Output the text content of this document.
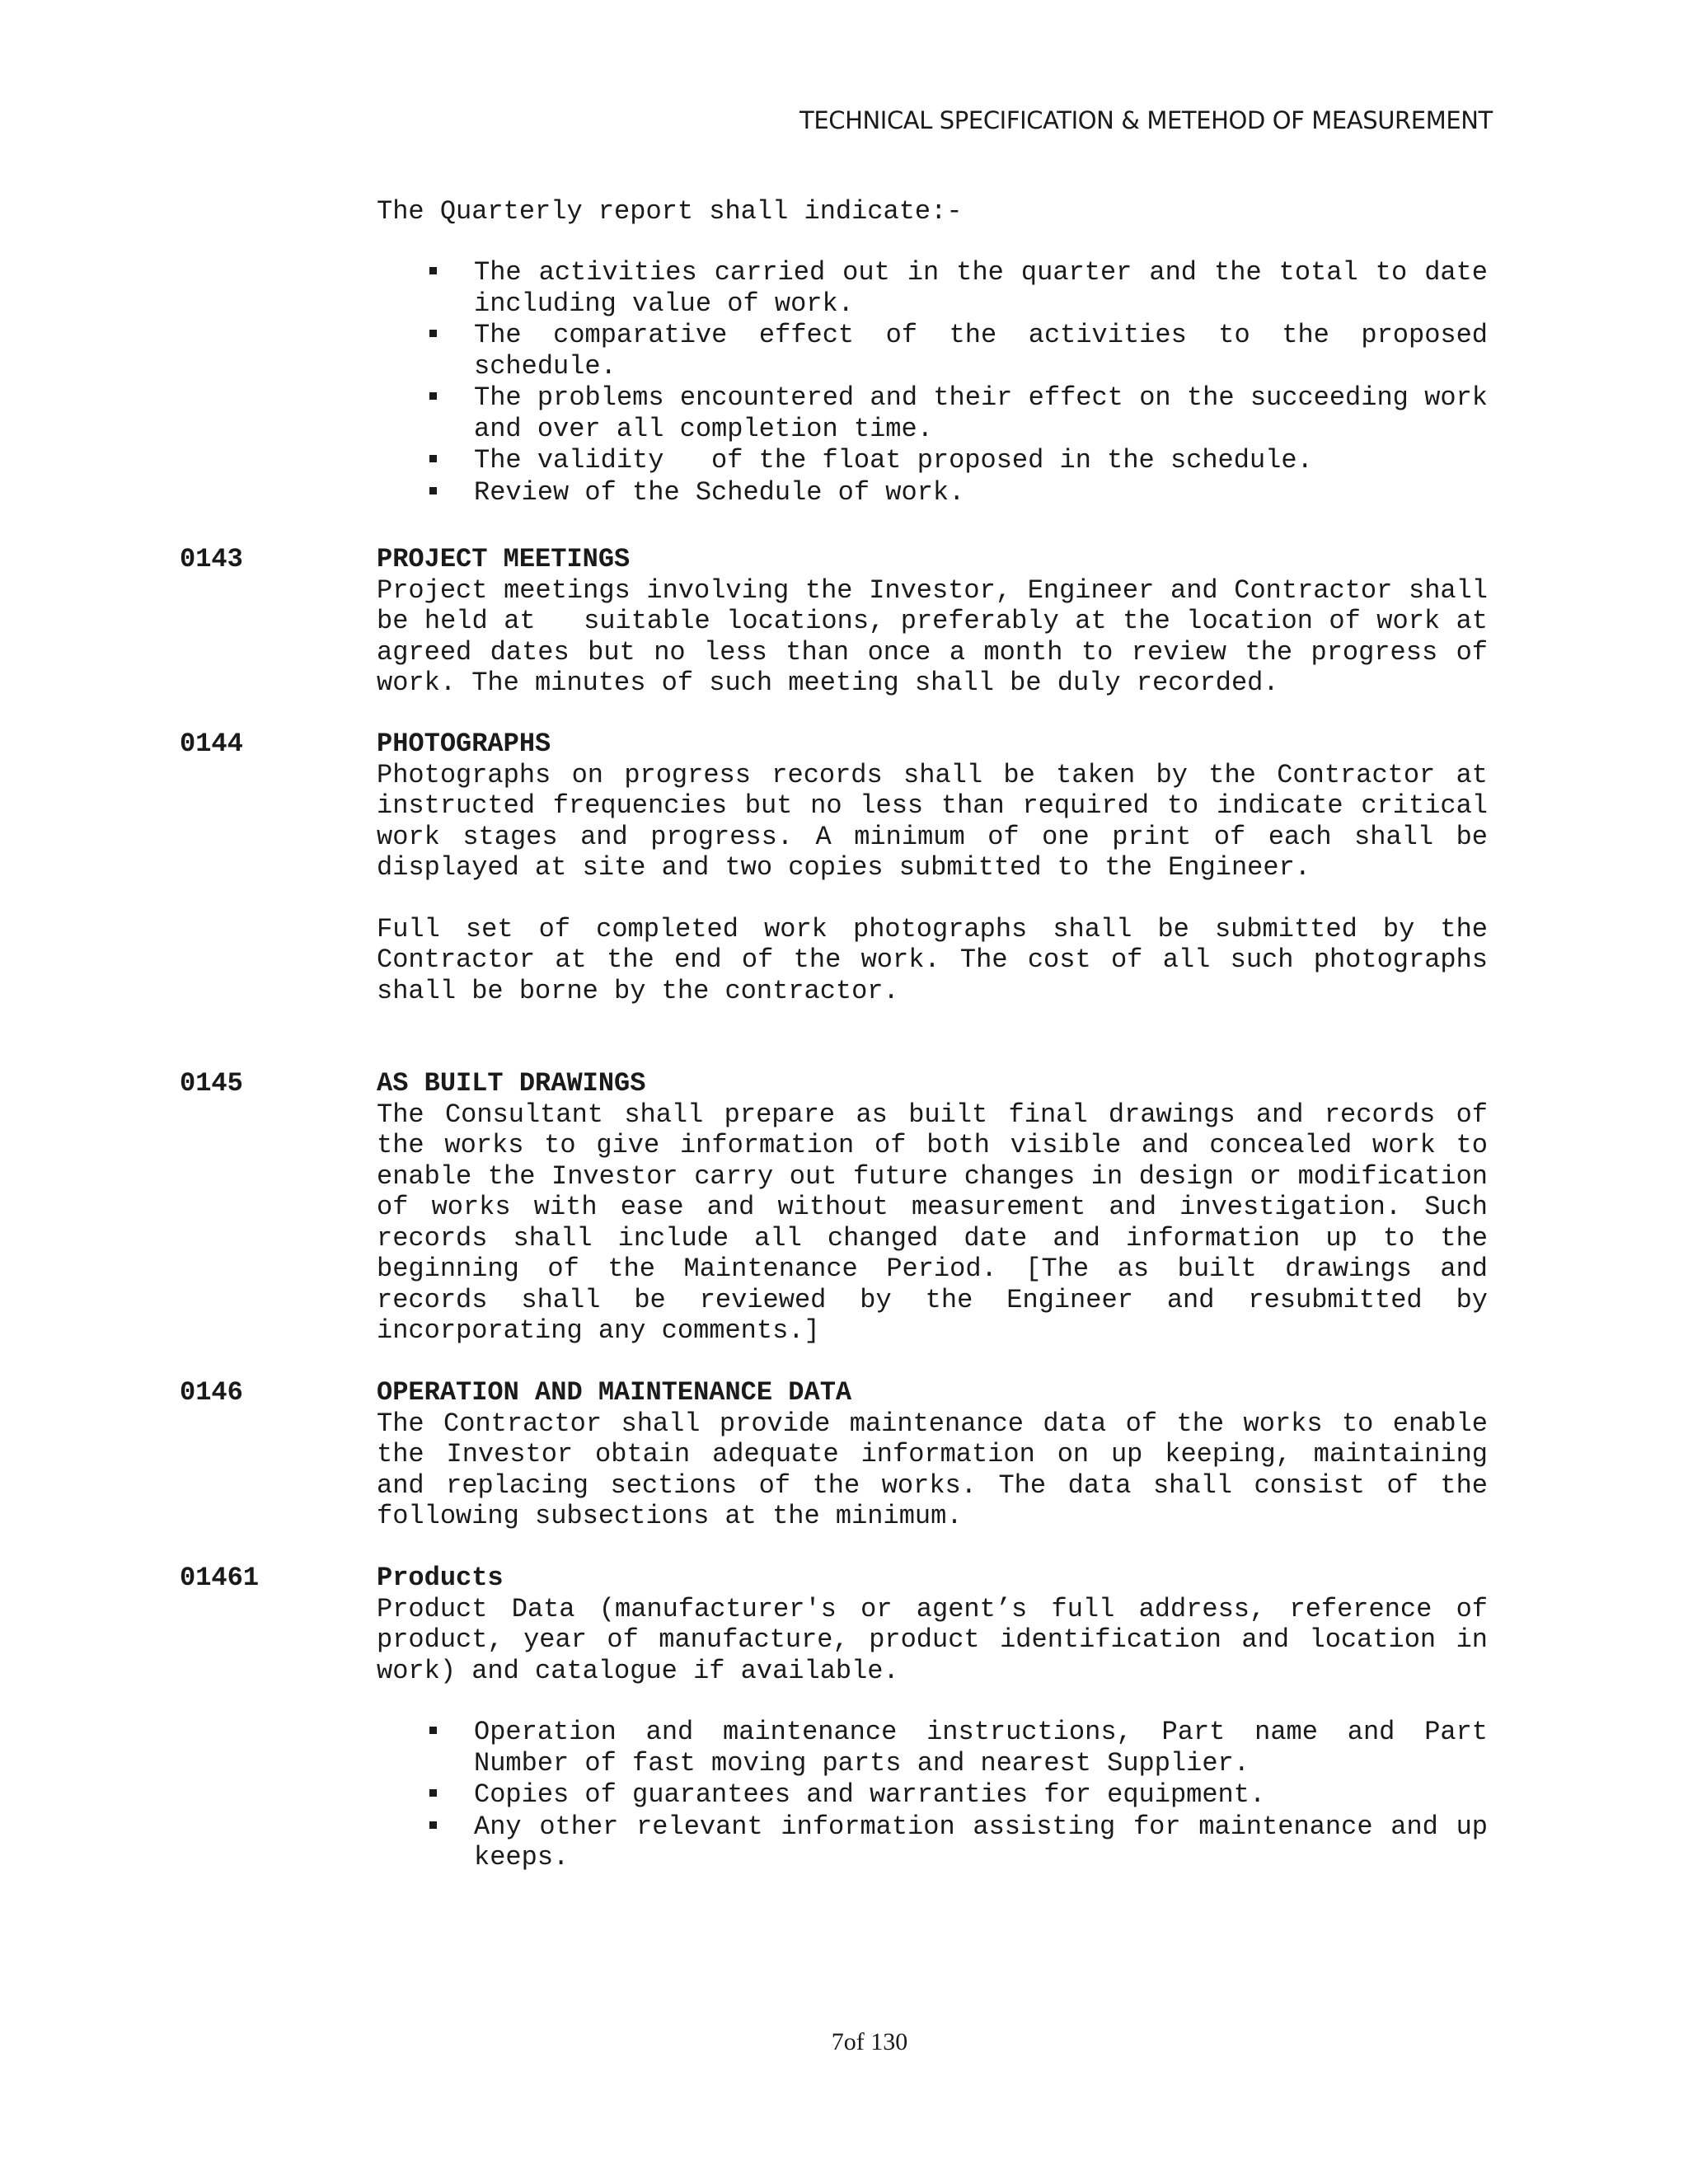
TECHNICAL SPECIFICATION & METEHOD OF MEASUREMENT
The Quarterly report shall indicate:-
The activities carried out in the quarter and the total to date including value of work.
The comparative effect of the activities to the proposed schedule.
The problems encountered and their effect on the succeeding work and over all completion time.
The validity   of the float proposed in the schedule.
Review of the Schedule of work.
0143	PROJECT MEETINGS

Project meetings involving the Investor, Engineer and Contractor shall be held at   suitable locations, preferably at the location of work at agreed dates but no less than once a month to review the progress of work. The minutes of such meeting shall be duly recorded.

0144	PHOTOGRAPHS

Photographs on progress records shall be taken by the Contractor at instructed frequencies but no less than required to indicate critical work stages and progress. A minimum of one print of each shall be displayed at site and two copies submitted to the Engineer.

Full set of completed work photographs shall be submitted by the Contractor at the end of the work. The cost of all such photographs shall be borne by the contractor.

0145	AS BUILT DRAWINGS

The Consultant shall prepare as built final drawings and records of the works to give information of both visible and concealed work to enable the Investor carry out future changes in design or modification of works with ease and without measurement and investigation. Such records shall include all changed date and information up to the beginning of the Maintenance Period. [The as built drawings and records shall be reviewed by the Engineer and resubmitted by incorporating any comments.]

0146	OPERATION AND MAINTENANCE DATA

The Contractor shall provide maintenance data of the works to enable the Investor obtain adequate information on up keeping, maintaining and replacing sections of the works. The data shall consist of the following subsections at the minimum.

01461	Products

Product Data (manufacturer's or agent’s full address, reference of product, year of manufacture, product identification and location in work) and catalogue if available.

Operation and maintenance instructions, Part name and Part Number of fast moving parts and nearest Supplier.
Copies of guarantees and warranties for equipment.
Any other relevant information assisting for maintenance and up keeps.
7of 130
